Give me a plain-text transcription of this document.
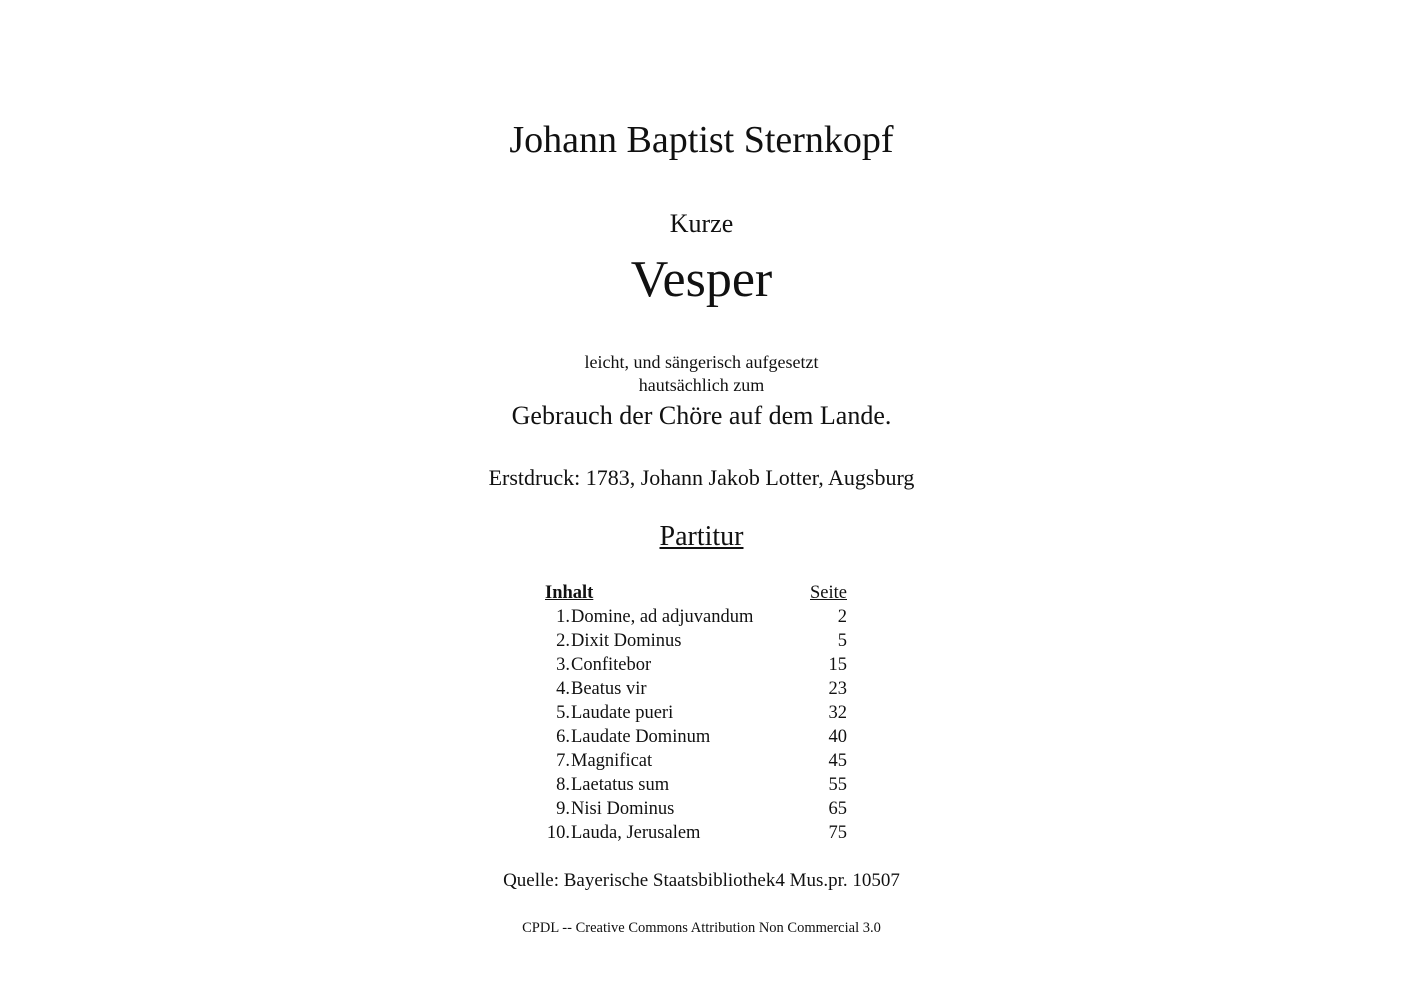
Johann Baptist Sternkopf
Kurze
Vesper
leicht, und sängerisch aufgesetzt
hautsächlich zum
Gebrauch der Chöre auf dem Lande.
Erstdruck: 1783, Johann Jakob Lotter, Augsburg
Partitur
Inhalt	Seite
1. Domine, ad adjuvandum	2
2. Dixit Dominus	5
3. Confitebor	15
4. Beatus vir	23
5. Laudate pueri	32
6. Laudate Dominum	40
7. Magnificat	45
8. Laetatus sum	55
9. Nisi Dominus	65
10. Lauda, Jerusalem	75
Quelle: Bayerische Staatsbibliothek4 Mus.pr. 10507
CPDL -- Creative Commons Attribution Non Commercial 3.0
